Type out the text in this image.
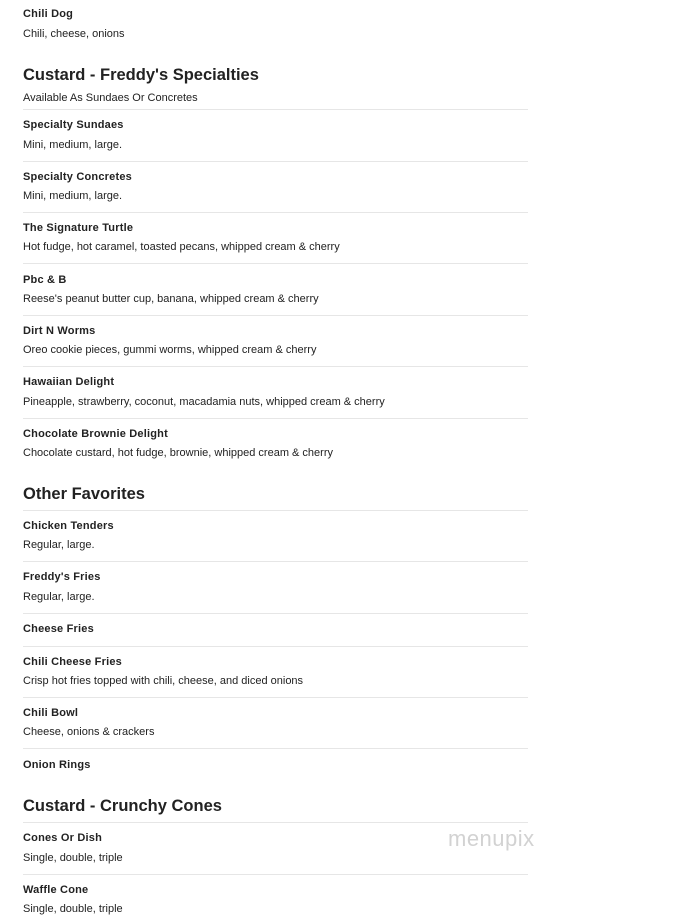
Chili Dog
Chili, cheese, onions
Custard - Freddy's Specialties
Available As Sundaes Or Concretes
Specialty Sundaes
Mini, medium, large.
Specialty Concretes
Mini, medium, large.
The Signature Turtle
Hot fudge, hot caramel, toasted pecans, whipped cream & cherry
Pbc & B
Reese's peanut butter cup, banana, whipped cream & cherry
Dirt N Worms
Oreo cookie pieces, gummi worms, whipped cream & cherry
Hawaiian Delight
Pineapple, strawberry, coconut, macadamia nuts, whipped cream & cherry
Chocolate Brownie Delight
Chocolate custard, hot fudge, brownie, whipped cream & cherry
Other Favorites
Chicken Tenders
Regular, large.
Freddy's Fries
Regular, large.
Cheese Fries
Chili Cheese Fries
Crisp hot fries topped with chili, cheese, and diced onions
Chili Bowl
Cheese, onions & crackers
Onion Rings
Custard - Crunchy Cones
Cones Or Dish
Single, double, triple
Waffle Cone
Single, double, triple
menupix
